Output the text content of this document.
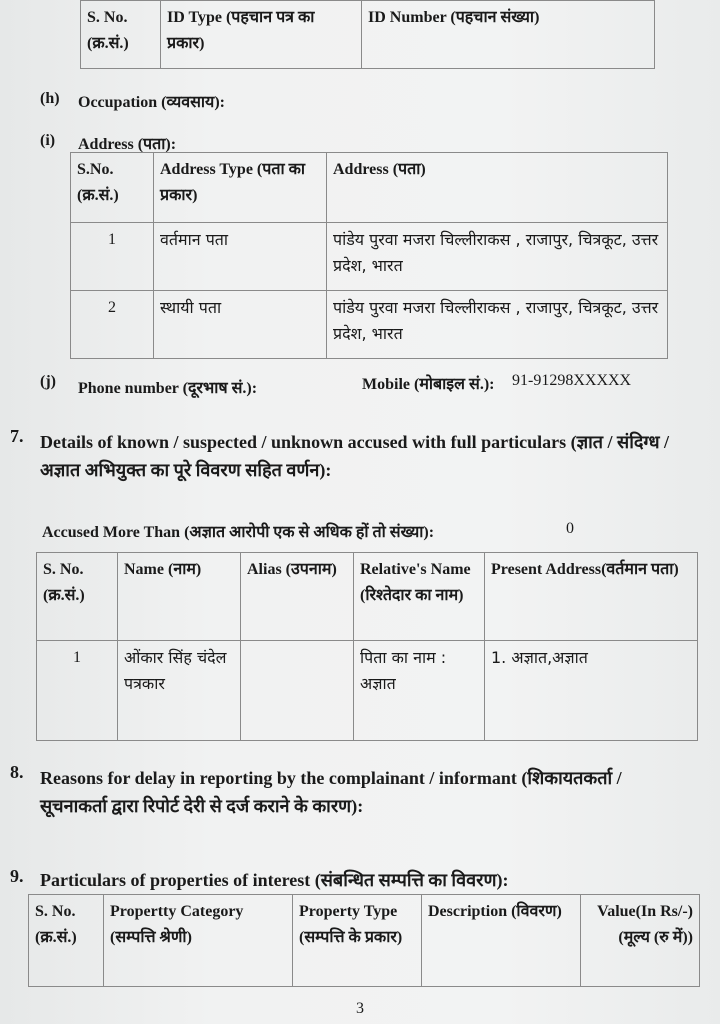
S. No. (क्र.सं.)	ID Type (पहचान पत्र का प्रकार)	ID Number (पहचान संख्या)
(h) Occupation (व्यवसाय):
(i) Address (पता):
S.No. (क्र.सं.)	Address Type (पता का प्रकार)	Address (पता)
1	वर्तमान पता	पांडेय पुरवा मजरा चिल्लीराकस , राजापुर, चित्रकूट, उत्तर प्रदेश, भारत
2	स्थायी पता	पांडेय पुरवा मजरा चिल्लीराकस , राजापुर, चित्रकूट, उत्तर प्रदेश, भारत
(j) Phone number (दूरभाष सं.):	Mobile (मोबाइल सं.): 91-91298XXXXX
7. Details of known / suspected / unknown accused with full particulars (ज्ञात / संदिग्ध / अज्ञात अभियुक्त का पूरे विवरण सहित वर्णन):
Accused More Than (अज्ञात आरोपी एक से अधिक हों तो संख्या):	0
S. No. (क्र.सं.)	Name (नाम)	Alias (उपनाम)	Relative's Name (रिश्तेदार का नाम)	Present Address(वर्तमान पता)
1	ओंकार सिंह चंदेल पत्रकार		पिता का नाम : अज्ञात	1. अज्ञात,अज्ञात
8. Reasons for delay in reporting by the complainant / informant (शिकायतकर्ता / सूचनाकर्ता द्वारा रिपोर्ट देरी से दर्ज कराने के कारण):
9. Particulars of properties of interest (संबन्धित सम्पत्ति का विवरण):
S. No. (क्र.सं.)	Propertty Category (सम्पत्ति श्रेणी)	Property Type (सम्पत्ति के प्रकार)	Description (विवरण)	Value(In Rs/-) (मूल्य (रु में))
3
